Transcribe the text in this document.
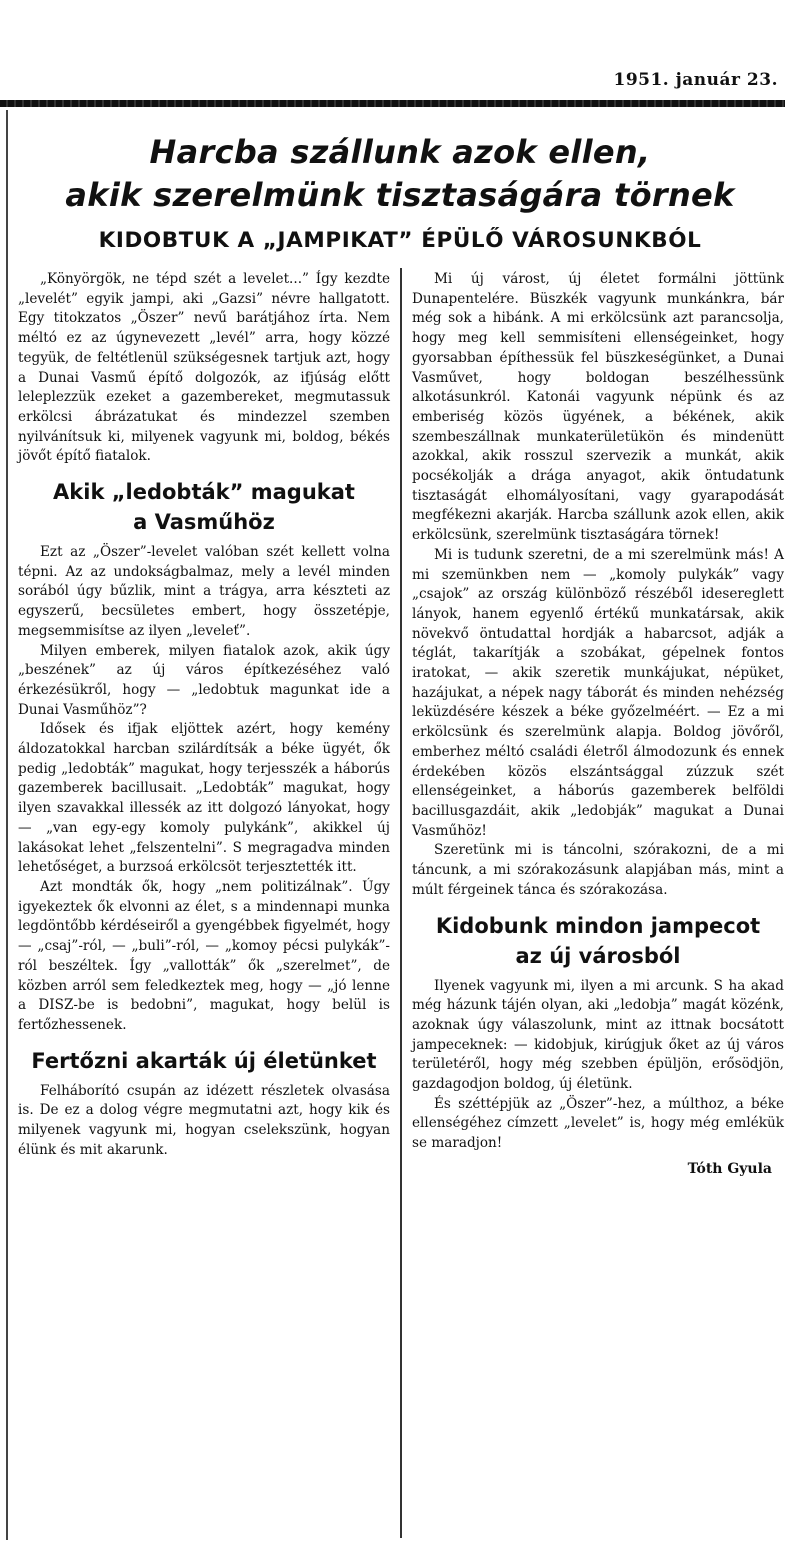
1951. január 23.
Harcba szállunk azok ellen,
akik szerelmünk tisztaságára törnek
KIDOBTUK A „JAMPIKAT” ÉPÜLŐ VÁROSUNKBÓL

„Könyörgök, ne tépd szét a levelet...” Így kezdte „levelét” egyik jampi, aki „Gazsi” névre hallgatott. Egy titokzatos „Öszer” nevű barátjához írta. Nem méltó ez az úgynevezett „levél” arra, hogy közzé tegyük, de feltétlenül szükségesnek tartjuk azt, hogy a Dunai Vasmű építő dolgozók, az ifjúság előtt leleplezzük ezeket a gazembereket, megmutassuk erkölcsi ábrázatukat és mindezzel szemben nyilvánítsuk ki, milyenek vagyunk mi, boldog, békés jövőt építő fiatalok.

Akik „ledobták” magukat
a Vasműhöz

Ezt az „Öszer”-levelet valóban szét kellett volna tépni. Az az undokságbalmaz, mely a levél minden sorából úgy bűzlik, mint a trágya, arra készteti az egyszerű, becsületes embert, hogy összetépje, megsemmisítse az ilyen „leveleť”.

Milyen emberek, milyen fiatalok azok, akik úgy „beszének” az új város építkezéséhez való érkezésükről, hogy — „ledobtuk magunkat ide a Dunai Vasműhöz”?

Idősek és ifjak eljöttek azért, hogy kemény áldozatokkal harcban szilárdítsák a béke ügyét, ők pedig „ledobták” magukat, hogy terjesszék a háborús gazemberek bacillusait. „Ledobták” magukat, hogy ilyen szavakkal illessék az itt dolgozó lányokat, hogy — „van egy-egy komoly pulykánk”, akikkel új lakásokat lehet „felszentelni”. S megragadva minden lehetőséget, a burzsoá erkölcsöt terjesztették itt.

Azt mondták ők, hogy „nem politizálnak”. Úgy igyekeztek ők elvonni az élet, s a mindennapi munka legdöntőbb kérdéseiről a gyengébbek figyelmét, hogy — „csaj”-ról, — „buli”-ról, — „komoy pécsi pulykák”-ról beszéltek. Így „vallották” ők „szerelmet”, de közben arról sem feledkeztek meg, hogy — „jó lenne a DISZ-be is bedobni”, magukat, hogy belül is fertőzhessenek.

Fertőzni akarták új életünket

Felháborító csupán az idézett részletek olvasása is. De ez a dolog végre megmutatni azt, hogy kik és milyenek vagyunk mi, hogyan cselekszünk, hogyan élünk és mit akarunk.

Mi új várost, új életet formálni jöttünk Dunapentelére. Büszkék vagyunk munkánkra, bár még sok a hibánk. A mi erkölcsünk azt parancsolja, hogy meg kell semmisíteni ellenségeinket, hogy gyorsabban építhessük fel büszkeségünket, a Dunai Vasművet, hogy boldogan beszélhessünk alkotásunkról. Katonái vagyunk népünk és az emberiség közös ügyének, a békének, akik szembeszállnak munkaterületükön és mindenütt azokkal, akik rosszul szervezik a munkát, akik pocsékolják a drága anyagot, akik öntudatunk tisztaságát elhomályosítani, vagy gyarapodását megfékezni akarják. Harcba szállunk azok ellen, akik erkölcsünk, szerelmünk tisztaságára törnek!

Mi is tudunk szeretni, de a mi szerelmünk más! A mi szemünkben nem — „komoly pulykák” vagy „csajok” az ország különböző részéből idesereglett lányok, hanem egyenlő értékű munkatársak, akik növekvő öntudattal hordják a habarcsot, adják a téglát, takarítják a szobákat, gépelnek fontos iratokat, — akik szeretik munkájukat, népüket, hazájukat, a népek nagy táborát és minden nehézség leküzdésére készek a béke győzelméért. — Ez a mi erkölcsünk és szerelmünk alapja. Boldog jövőről, emberhez méltó családi életről álmodozunk és ennek érdekében közös elszántsággal zúzzuk szét ellenségeinket, a háborús gazemberek belföldi bacillusgazdáit, akik „ledobják” magukat a Dunai Vasműhöz!

Szeretünk mi is táncolni, szórakozni, de a mi táncunk, a mi szórakozásunk alapjában más, mint a múlt férgeinek tánca és szórakozása.

Kidobunk mindon jampecot
az új városból

Ilyenek vagyunk mi, ilyen a mi arcunk. S ha akad még házunk tájén olyan, aki „ledobja” magát közénk, azoknak úgy válaszolunk, mint az ittnak bocsátott jampeceknek: — kidobjuk, kirúgjuk őket az új város területéről, hogy még szebben épüljön, erősödjön, gazdagodjon boldog, új életünk.

És széttépjük az „Öszer”-hez, a múlthoz, a béke ellenségéhez címzett „levelet” is, hogy még emlékük se maradjon!

Tóth Gyula
